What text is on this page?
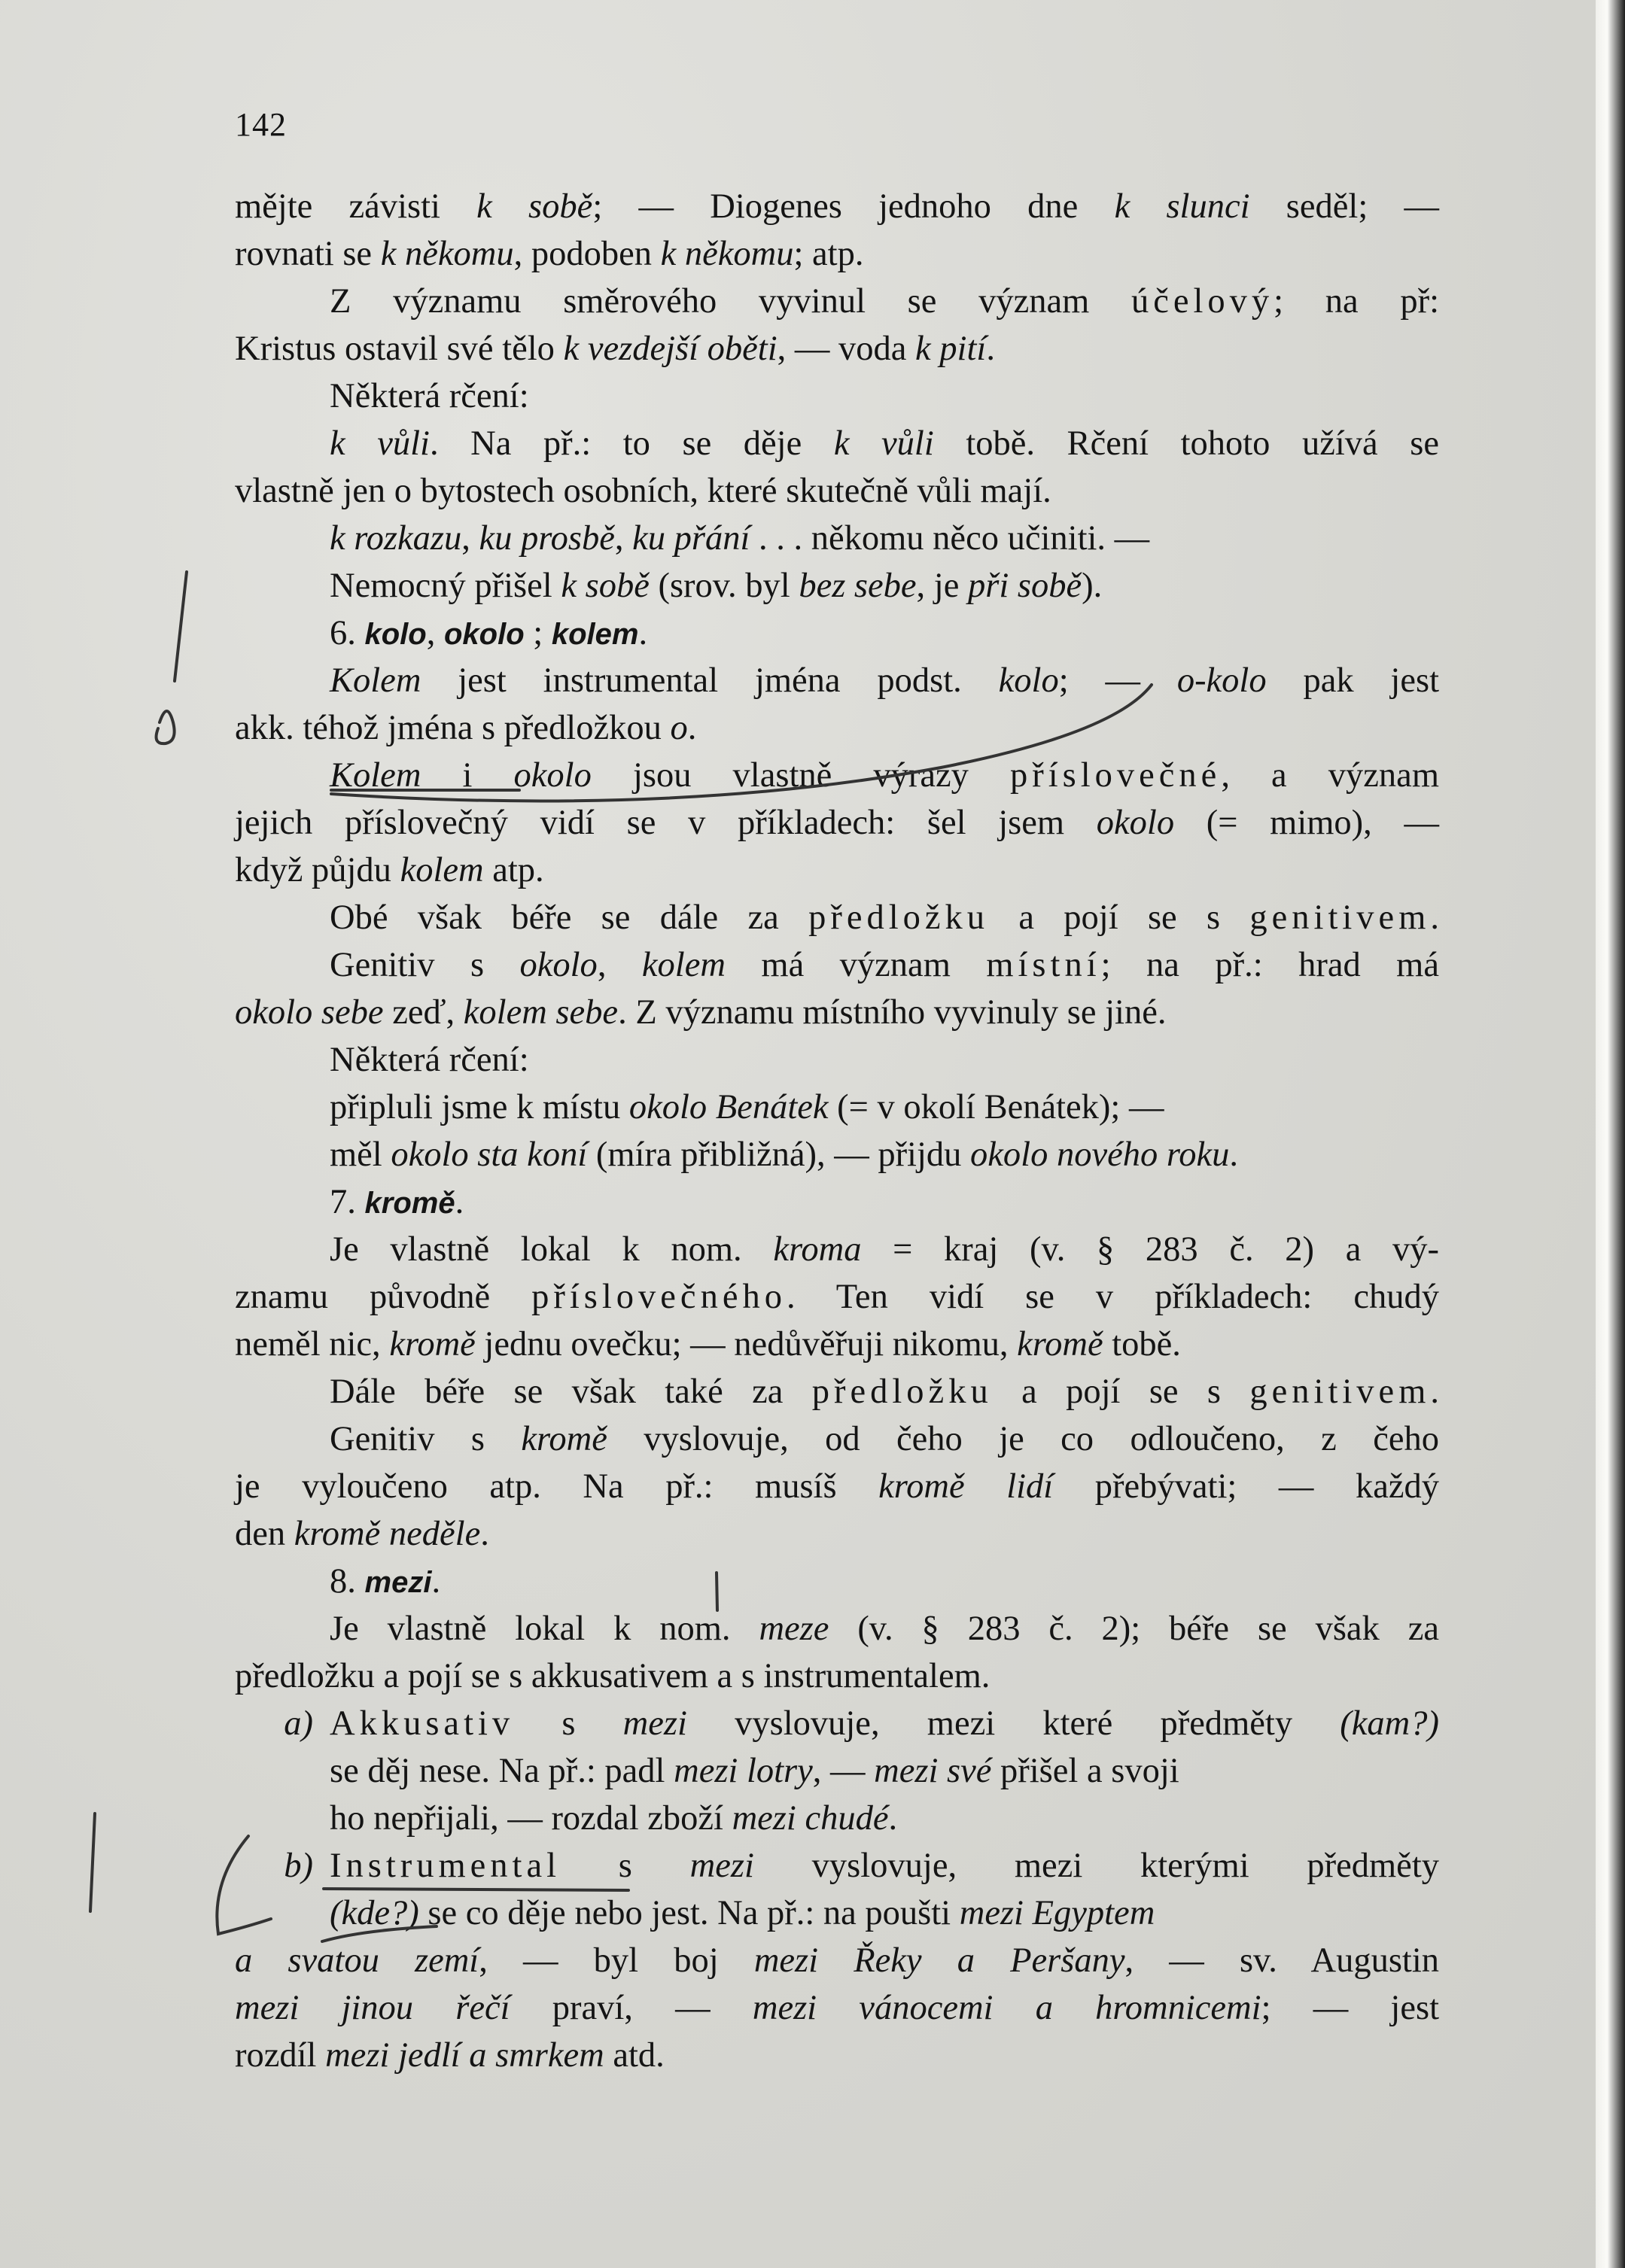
142
mějte závisti k sobě; — Diogenes jednoho dne k slunci seděl; —
rovnati se k někomu, podoben k někomu; atp.
Z významu směrového vyvinul se význam účelový; na př:
Kristus ostavil své tělo k vezdejší oběti, — voda k pití.
Některá rčení:
k vůli. Na př.: to se děje k vůli tobě. Rčení tohoto užívá se
vlastně jen o bytostech osobních, které skutečně vůli mají.
k rozkazu, ku prosbě, ku přání . . . někomu něco učiniti. —
Nemocný přišel k sobě (srov. byl bez sebe, je při sobě).
6. kolo, okolo ; kolem.
Kolem jest instrumental jména podst. kolo; — o-kolo pak jest
akk. téhož jména s předložkou o.
Kolem i okolo jsou vlastně výrazy příslovečné, a význam
jejich příslovečný vidí se v příkladech: šel jsem okolo (= mimo), —
když půjdu kolem atp.
Obé však béře se dále za předložku a pojí se s genitivem.
Genitiv s okolo, kolem má význam místní; na př.: hrad má
okolo sebe zeď, kolem sebe. Z významu místního vyvinuly se jiné.
Některá rčení:
připluli jsme k místu okolo Benátek (= v okolí Benátek); —
měl okolo sta koní (míra přibližná), — přijdu okolo nového roku.
7. kromě.
Je vlastně lokal k nom. kroma = kraj (v. § 283 č. 2) a vý-
znamu původně příslovečného. Ten vidí se v příkladech: chudý
neměl nic, kromě jednu ovečku; — nedůvěřuji nikomu, kromě tobě.
Dále béře se však také za předložku a pojí se s genitivem.
Genitiv s kromě vyslovuje, od čeho je co odloučeno, z čeho
je vyloučeno atp. Na př.: musíš kromě lidí přebývati; — každý
den kromě neděle.
8. mezi.
Je vlastně lokal k nom. meze (v. § 283 č. 2); béře se však za
předložku a pojí se s akkusativem a s instrumentalem.
a) Akkusativ s mezi vyslovuje, mezi které předměty (kam?)
se děj nese. Na př.: padl mezi lotry, — mezi své přišel a svoji
ho nepřijali, — rozdal zboží mezi chudé.
b) Instrumental s mezi vyslovuje, mezi kterými předměty
(kde?) se co děje nebo jest. Na př.: na poušti mezi Egyptem
a svatou zemí, — byl boj mezi Řeky a Peršany, — sv. Augustin
mezi jinou řečí praví, — mezi vánocemi a hromnicemi; — jest
rozdíl mezi jedlí a smrkem atd.
